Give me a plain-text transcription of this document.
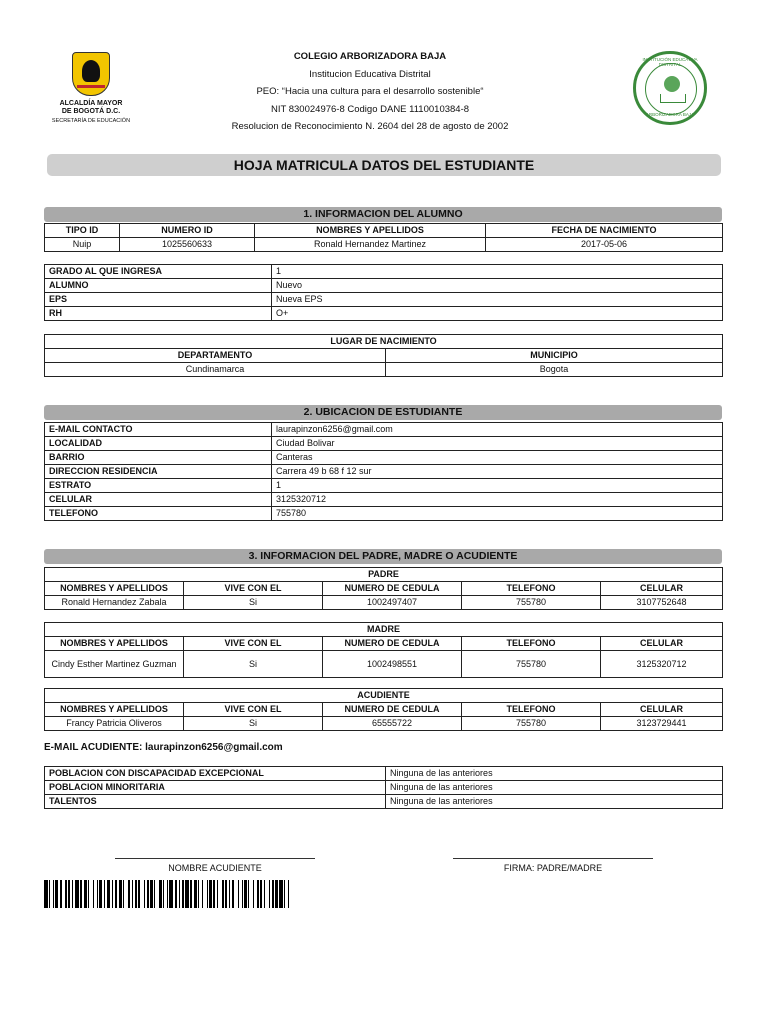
ALCALDÍA MAYOR
DE BOGOTÁ D.C.
SECRETARÍA DE EDUCACIÓN
COLEGIO ARBORIZADORA BAJA
Institucion Educativa Distrital
PEO: “Hacia una cultura para el desarrollo sostenible“
NIT 830024976-8 Codigo DANE 1110010384-8
Resolucion de Reconocimiento N. 2604 del 28 de agosto de 2002
INSTITUCIÓN EDUCATIVA DISTRITAL
ARBORIZADORA BAJA
HOJA MATRICULA DATOS DEL ESTUDIANTE
1. INFORMACION DEL ALUMNO
TIPO ID	NUMERO ID	NOMBRES Y APELLIDOS	FECHA DE NACIMIENTO
Nuip	1025560633	Ronald Hernandez Martinez	2017-05-06
GRADO AL QUE INGRESA	1
ALUMNO	Nuevo
EPS	Nueva EPS
RH	O+
LUGAR DE NACIMIENTO	
DEPARTAMENTO	MUNICIPIO
Cundinamarca	Bogota
2. UBICACION DE ESTUDIANTE
E-MAIL CONTACTO	laurapinzon6256@gmail.com
LOCALIDAD	Ciudad Bolivar
BARRIO	Canteras
DIRECCION RESIDENCIA	Carrera 49 b 68 f 12 sur
ESTRATO	1
CELULAR	3125320712
TELEFONO	755780
3. INFORMACION DEL PADRE, MADRE O ACUDIENTE
PADRE				
NOMBRES Y APELLIDOS	VIVE CON EL	NUMERO DE CEDULA	TELEFONO	CELULAR
Ronald Hernandez Zabala	Si	1002497407	755780	3107752648
MADRE				
NOMBRES Y APELLIDOS	VIVE CON EL	NUMERO DE CEDULA	TELEFONO	CELULAR
Cindy Esther Martinez Guzman	Si	1002498551	755780	3125320712
ACUDIENTE				
NOMBRES Y APELLIDOS	VIVE CON EL	NUMERO DE CEDULA	TELEFONO	CELULAR
Francy Patricia Oliveros	Si	65555722	755780	3123729441
E-MAIL ACUDIENTE: laurapinzon6256@gmail.com
POBLACION CON DISCAPACIDAD EXCEPCIONAL	Ninguna de las anteriores
POBLACION MINORITARIA	Ninguna de las anteriores
TALENTOS	Ninguna de las anteriores
NOMBRE ACUDIENTE	FIRMA: PADRE/MADRE
